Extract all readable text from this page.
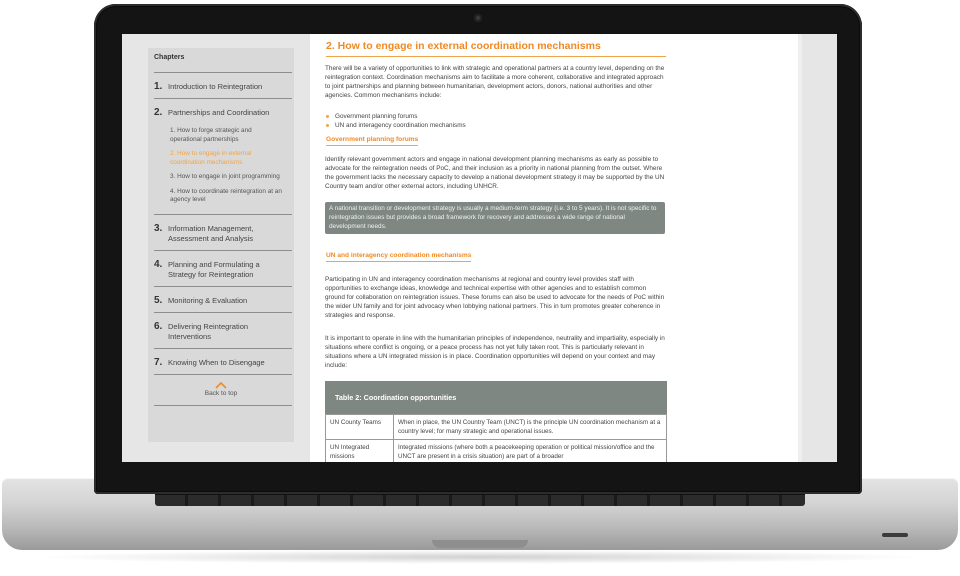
Chapters
1. Introduction to Reintegration
2. Partnerships and Coordination
1. How to forge strategic and operational partnerships
2. How to engage in external coordination mechanisms
3. How to engage in joint programming
4. How to coordinate reintegration at an agency level
3. Information Management, Assessment and Analysis
4. Planning and Formulating a Strategy for Reintegration
5. Monitoring & Evaluation
6. Delivering Reintegration Interventions
7. Knowing When to Disengage
Back to top
2. How to engage in external coordination mechanisms
There will be a variety of opportunities to link with strategic and operational partners at a country level, depending on the reintegration context. Coordination mechanisms aim to facilitate a more coherent, collaborative and integrated approach to joint partnerships and planning between humanitarian, development actors, donors, national authorities and other agencies. Common mechanisms include:
Government planning forums
UN and interagency coordination mechanisms
Government planning forums
Identify relevant government actors and engage in national development planning mechanisms as early as possible to advocate for the reintegration needs of PoC, and their inclusion as a priority in national planning from the outset. Where the government lacks the necessary capacity to develop a national development strategy it may be supported by the UN Country team and/or other external actors, including UNHCR.
A national transition or development strategy is usually a medium-term strategy (i.e. 3 to 5 years). It is not specific to reintegration issues but provides a broad framework for recovery and addresses a wide range of national development needs.
UN and interagency coordination mechanisms
Participating in UN and interagency coordination mechanisms at regional and country level provides staff with opportunities to exchange ideas, knowledge and technical expertise with other agencies and to establish common ground for collaboration on reintegration issues. These forums can also be used to advocate for the needs of PoC within the wider UN family and for joint advocacy when lobbying national partners. This in turn promotes greater coherence in strategies and response.
It is important to operate in line with the humanitarian principles of independence, neutrality and impartiality, especially in situations where conflict is ongoing, or a peace process has not yet fully taken root. This is particularly relevant in situations where a UN integrated mission is in place. Coordination opportunities will depend on your context and may include:
Table 2: Coordination opportunities
UN County Teams	When in place, the UN Country Team (UNCT) is the principle UN coordination mechanism at a country level; for many strategic and operational issues.
UN Integrated missions	Integrated missions (where both a peacekeeping operation or political mission/office and the UNCT are present in a crisis situation) are part of a broader
